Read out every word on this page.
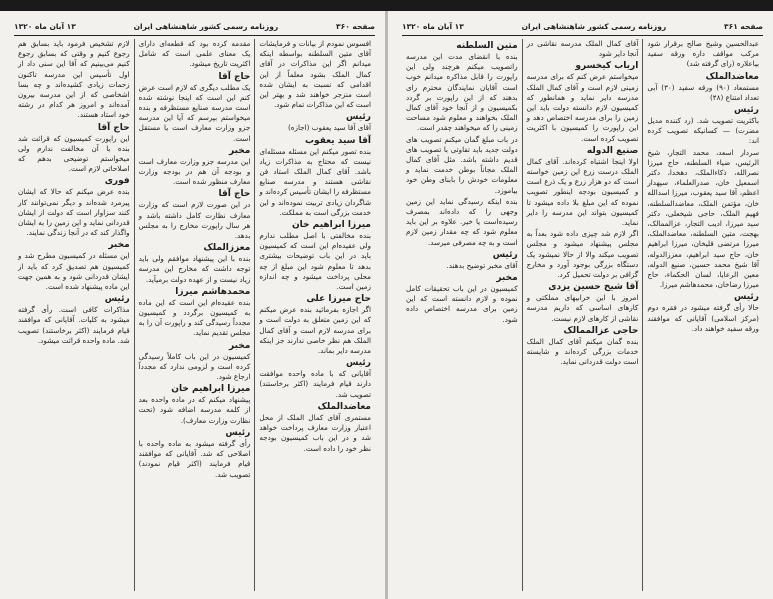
صفحه ۳۶۰
روزنامه رسمی کشور شاهنشاهی ایران
۱۳ آبان ماه ۱۳۲۰

افسوس نمودم از بیانات و فرمایشات آقای متین السلطنه بواسطه اینکه میدانم اگر این مذاکرات در آقای کمال الملک بشود معلماً از این اقدامی که نسبت به ایشان شده است منزجر خواهند شد و بهتر این است که این مذاکرات تمام شود.

رئیس

آقای آقا سید یعقوب (اجازه)

آقا سید یعقوب

بنده تصور میکنم این مسئله مسئله‌ای نیست که محتاج به مذاکرات زیاد باشد. آقای کمال الملک استاد فن نقاشی هستند و مدرسه صنایع مستظرفه را ایشان تأسیس کرده‌اند و شاگردان زیادی تربیت نموده‌اند و این خدمت بزرگی است به مملکت.

میرزا ابراهیم خان

بنده مخالفتی با اصل مطلب ندارم ولی عقیده‌ام این است که کمیسیون باید در این باب توضیحات بیشتری بدهد تا معلوم شود این مبلغ از چه محلی پرداخت میشود و چه اندازه زمین است.

حاج میرزا علی

اگر اجازه بفرمائید بنده عرض میکنم که این زمین متعلق به دولت است و برای مدرسه لازم است و آقای کمال الملک هم نظر خاصی ندارند جز اینکه مدرسه دایر بماند.

رئیس

آقایانی که با ماده واحده موافقت دارند قیام فرمایند (اکثر برخاستند) تصویب شد.

معاضدالملک

مستمری آقای کمال الملک از محل اعتبار وزارت معارف پرداخت خواهد شد و در این باب کمیسیون بودجه نظر خود را داده است.

مقدمه کرده بود که قطعه‌ای دارای یک معنای علمی است که شامل اکثریت تاریخ میشود.

حاج آقا

یک مطلب دیگری که لازم است عرض کنم این است که اینجا نوشته شده است مدرسه صنایع مستظرفه و بنده میخواستم بپرسم که آیا این مدرسه جزو وزارت معارف است یا مستقل است.

مخبر

این مدرسه جزو وزارت معارف است و بودجه آن هم در بودجه وزارت معارف منظور شده است.

حاج آقا

در این صورت لازم است که وزارت معارف نظارت کامل داشته باشد و هر سال راپورت مخارج را به مجلس بدهد.

معززالملک

بنده با این پیشنهاد موافقم ولی باید توجه داشت که مخارج این مدرسه زیاد نیست و از عهده دولت برمیآید.

محمدهاشم میرزا

بنده عقیده‌ام این است که این ماده به کمیسیون برگردد و کمیسیون مجدداً رسیدگی کند و راپورت آن را به مجلس تقدیم نماید.

مخبر

کمیسیون در این باب کاملاً رسیدگی کرده است و لزومی ندارد که مجدداً ارجاع شود.

میرزا ابراهیم خان

پیشنهاد میکنم که در ماده واحده بعد از کلمه مدرسه اضافه شود (تحت نظارت وزارت معارف).

رئیس

رأی گرفته میشود به ماده واحده با اصلاحی که شد. آقایانی که موافقند قیام فرمایند (اکثر قیام نمودند) تصویب شد.

لازم تشخیص فرمود باید بسابق هم رجوع کنیم و وقتی که بسابق رجوع کنیم می‌بینیم که آقا این سنی داد از اول تأسیس این مدرسه تاکنون زحمات زیادی کشیده‌اند و چه بسا اشخاصی که از این مدرسه بیرون آمده‌اند و امروز هر کدام در رشته خود استاد هستند.

حاج آقا

این راپورت کمیسیون که قرائت شد بنده با آن مخالفت ندارم ولی میخواستم توضیحی بدهم که اصلاحاتی لازم است.

فوری

بنده عرض میکنم که حالا که ایشان پیرمرد شده‌اند و دیگر نمی‌توانند کار کنند سزاوار است که دولت از ایشان قدردانی نماید و این زمین را به ایشان واگذار کند که در آنجا زندگی نمایند.

مخبر

این مسئله در کمیسیون مطرح شد و کمیسیون هم تصدیق کرد که باید از ایشان قدردانی شود و به همین جهت این ماده پیشنهاد شده است.

رئیس

مذاکرات کافی است. رأی گرفته میشود به کلیات. آقایانی که موافقند قیام فرمایند (اکثر برخاستند) تصویب شد. ماده واحده قرائت میشود.

صفحه ۳۶۱
روزنامه رسمی کشور شاهنشاهی ایران
۱۳ آبان ماه ۱۳۲۰

عبدالحسین وشیخ صالح برقرار شود مرکب مواقف داره ورقه سفید بیاعلاره (رای گرفته شد)

معاضدالملک

مستمعاد (۹۰) ورقه سفید (۳۰) آبی تعداد امتناع (۴۸)

رئیس

باکثریت تصویب شد. (رد کننده مدیل مضرت) — کسانیکه تصویب کرده اند:

سردار اسعد، محمد التجار، شیخ الرئیس، ضیاء السلطنه، حاج میرزا نصرالله، ذکاءالملک، دهخدا، دکتر اسمعیل خان، صدرالعلماء، سپهدار اعظم، آقا سید یعقوب، میرزا اسدالله خان، مؤتمن الملک، معاضدالسلطنه، فهیم الملک، حاجی شیخعلی، دکتر سید میرزا، ادیب التجار، عزالممالک، بهجت، متین السلطنه، معاضدالملک، میرزا مرتضی قلیخان، میرزا ابراهیم خان، حاج سید ابراهیم، معززالدوله، آقا شیخ محمد حسین، صنیع الدوله، معین الرعایا، لسان الحکماء، حاج میرزا رضاخان، محمدهاشم میرزا.

رئیس

حالا رأی گرفته میشود در فقره دوم (مرکز اسلامی) آقایانی که موافقند ورقه سفید خواهند داد.

آقای کمال الملک مدرسه نقاشی در آنجا دایر شود

اریاب کیخسرو

میخواستم عرض کنم که برای مدرسه زمینی لازم است و آقای کمال الملک مدرسه دایر نماید و همانطور که کمیسیون لازم دانسته دولت باید این زمین را برای مدرسه اختصاص دهد و این راپورت را کمیسیون با اکثریت تصویب کرده است.

صنیع الدوله

اولا اینجا اشتباه کرده‌اند. آقای کمال الملک درست زرع این زمین خواسته است که دو هزار زرع و یک ذرع است و کمیسیون بودجه اینطور تصویب نموده که این مبلغ بلا داده میشود تا کمیسیون بتواند این مدرسه را دایر نماید.

اگر لازم شد چیزی داده شود بعداً به مجلس پیشنهاد میشود و مجلس تصویب میکند والا از حالا نمیشود یک دستگاه بزرگی بوجود آورد و مخارج گزافی بر دولت تحمیل کرد.

آقا شیخ حسین یزدی

امروز با این خرابیهای مملکتی و کارهای اساسی که داریم مدرسه نقاشی از کارهای لازم نیست.

حاجی عزالممالک

بنده گمان میکنم آقای کمال الملک خدمات بزرگی کرده‌اند و شایسته است دولت قدردانی نماید.

متین السلطنه

بنده با انقضای مدت این مدرسه راتصویب میکنم هرچند ولی این راپورت را قابل مذاکره میدانم خوب است آقایان نمایندگان محترم رای بدهند که از این راپورت بر گردد بکمیسیون و از آنجا خود آقای کمال الملک بخواهند و معلوم شود مساحت زمینی را که میخواهند چقدر است.

در باب مبلغ گمان میکنم تصویب های دولت جدید باید تفاوتی با تصویب های قدیم داشته باشد. مثل آقای کمال الملک مجاناً بوطن خدمت نماید و معلومات خودش را بابنای وطن خود بیاموزد.

بنده اینکه رسیدگی نماید این زمین وجهی را که داده‌اند بمصرف رسیده‌است یا خیر. علاوه بر این باید معلوم شود که چه مقدار زمین لازم است و به چه مصرفی میرسد.

رئیس

آقای مخبر توضیح بدهند.

مخبر

کمیسیون در این باب تحقیقات کامل نموده و لازم دانسته است که این زمین برای مدرسه اختصاص داده شود.
